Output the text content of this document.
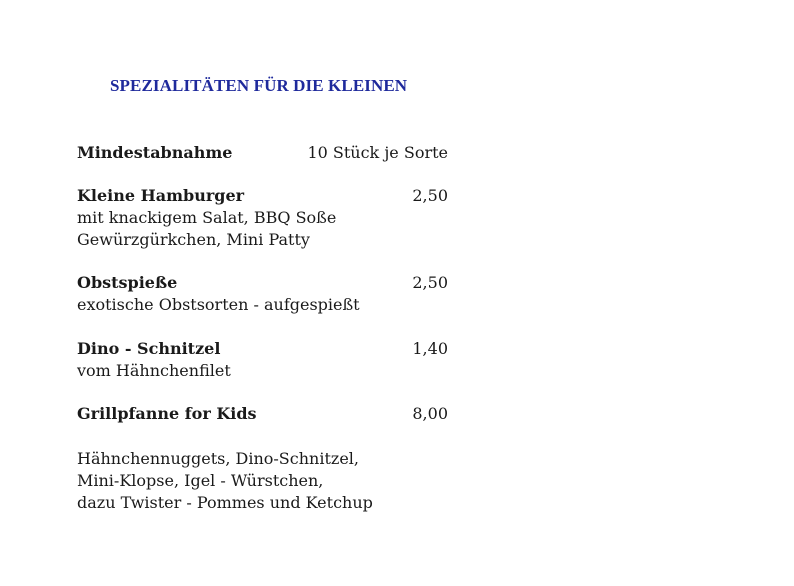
SPEZIALITÄTEN FÜR DIE KLEINEN
Mindestabnahme	10 Stück je Sorte
Kleine Hamburger	2,50
mit knackigem Salat, BBQ Soße
Gewürzgürkchen, Mini Patty
Obstspieße	2,50
exotische Obstsorten - aufgespießt
Dino - Schnitzel	1,40
vom Hähnchenfilet
Grillpfanne for Kids	8,00
Hähnchennuggets, Dino-Schnitzel,
Mini-Klopse, Igel - Würstchen,
dazu Twister - Pommes und Ketchup
